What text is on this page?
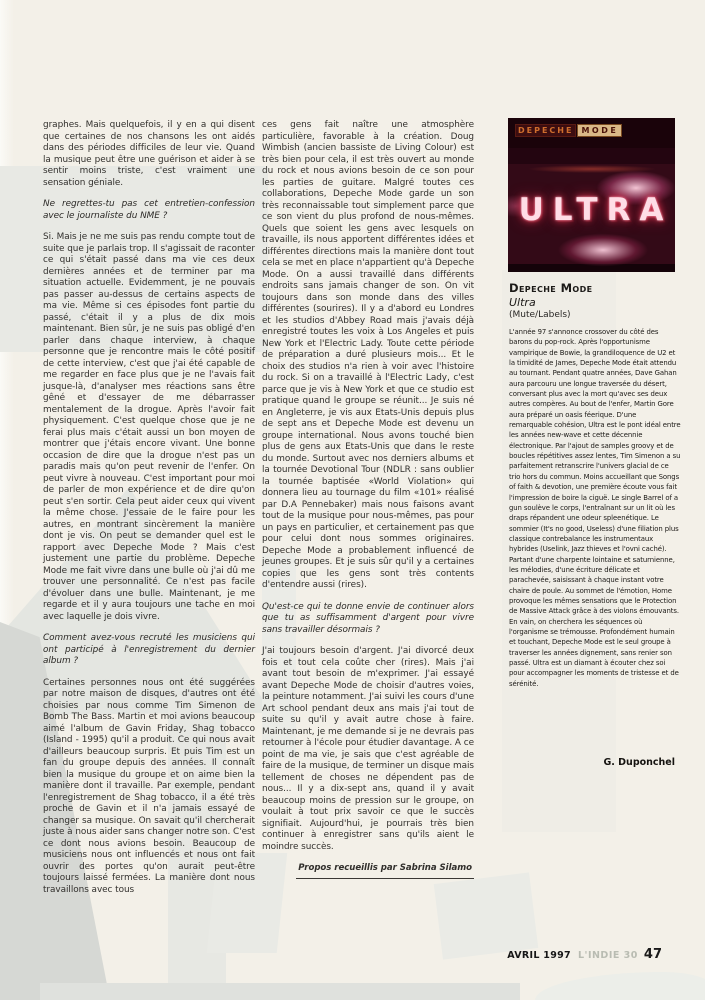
graphes. Mais quelquefois, il y en a qui disent que certaines de nos chansons les ont aidés dans des périodes difficiles de leur vie. Quand la musique peut être une guérison et aider à se sentir moins triste, c'est vraiment une sensation géniale.

Ne regrettes-tu pas cet entretien-confession avec le journaliste du NME ?

Si. Mais je ne me suis pas rendu compte tout de suite que je parlais trop. Il s'agissait de raconter ce qui s'était passé dans ma vie ces deux dernières années et de terminer par ma situation actuelle. Evidemment, je ne pouvais pas passer au-dessus de certains aspects de ma vie. Même si ces épisodes font partie du passé, c'était il y a plus de dix mois maintenant. Bien sûr, je ne suis pas obligé d'en parler dans chaque interview, à chaque personne que je rencontre mais le côté positif de cette interview, c'est que j'ai été capable de me regarder en face plus que je ne l'avais fait jusque-là, d'analyser mes réactions sans être gêné et d'essayer de me débarrasser mentalement de la drogue. Après l'avoir fait physiquement. C'est quelque chose que je ne ferai plus mais c'était aussi un bon moyen de montrer que j'étais encore vivant. Une bonne occasion de dire que la drogue n'est pas un paradis mais qu'on peut revenir de l'enfer. On peut vivre à nouveau. C'est important pour moi de parler de mon expérience et de dire qu'on peut s'en sortir. Cela peut aider ceux qui vivent la même chose. J'essaie de le faire pour les autres, en montrant sincèrement la manière dont je vis. On peut se demander quel est le rapport avec Depeche Mode ? Mais c'est justement une partie du problème. Depeche Mode me fait vivre dans une bulle où j'ai dû me trouver une personnalité. Ce n'est pas facile d'évoluer dans une bulle. Maintenant, je me regarde et il y aura toujours une tache en moi avec laquelle je dois vivre.

Comment avez-vous recruté les musiciens qui ont participé à l'enregistrement du dernier album ?

Certaines personnes nous ont été suggérées par notre maison de disques, d'autres ont été choisies par nous comme Tim Simenon de Bomb The Bass. Martin et moi avions beaucoup aimé l'album de Gavin Friday, Shag tobacco (Island - 1995) qu'il a produit. Ce qui nous avait d'ailleurs beaucoup surpris. Et puis Tim est un fan du groupe depuis des années. Il connaît bien la musique du groupe et on aime bien la manière dont il travaille. Par exemple, pendant l'enregistrement de Shag tobacco, il a été très proche de Gavin et il n'a jamais essayé de changer sa musique. On savait qu'il chercherait juste à nous aider sans changer notre son. C'est ce dont nous avions besoin. Beaucoup de musiciens nous ont influencés et nous ont fait ouvrir des portes qu'on aurait peut-être toujours laissé fermées. La manière dont nous travaillons avec tous

ces gens fait naître une atmosphère particulière, favorable à la création. Doug Wimbish (ancien bassiste de Living Colour) est très bien pour cela, il est très ouvert au monde du rock et nous avions besoin de ce son pour les parties de guitare. Malgré toutes ces collaborations, Depeche Mode garde un son très reconnaissable tout simplement parce que ce son vient du plus profond de nous-mêmes. Quels que soient les gens avec lesquels on travaille, ils nous apportent différentes idées et différentes directions mais la manière dont tout cela se met en place n'appartient qu'à Depeche Mode. On a aussi travaillé dans différents endroits sans jamais changer de son. On vit toujours dans son monde dans des villes différentes (sourires). Il y a d'abord eu Londres et les studios d'Abbey Road mais j'avais déjà enregistré toutes les voix à Los Angeles et puis New York et l'Electric Lady. Toute cette période de préparation a duré plusieurs mois... Et le choix des studios n'a rien à voir avec l'histoire du rock. Si on a travaillé à l'Electric Lady, c'est parce que je vis à New York et que ce studio est pratique quand le groupe se réunit... Je suis né en Angleterre, je vis aux Etats-Unis depuis plus de sept ans et Depeche Mode est devenu un groupe international. Nous avons touché bien plus de gens aux Etats-Unis que dans le reste du monde. Surtout avec nos derniers albums et la tournée Devotional Tour (NDLR : sans oublier la tournée baptisée «World Violation» qui donnera lieu au tournage du film «101» réalisé par D.A Pennebaker) mais nous faisons avant tout de la musique pour nous-mêmes, pas pour un pays en particulier, et certainement pas que pour celui dont nous sommes originaires. Depeche Mode a probablement influencé de jeunes groupes. Et je suis sûr qu'il y a certaines copies que les gens sont très contents d'entendre aussi (rires).

Qu'est-ce qui te donne envie de continuer alors que tu as suffisamment d'argent pour vivre sans travailler désormais ?

J'ai toujours besoin d'argent. J'ai divorcé deux fois et tout cela coûte cher (rires). Mais j'ai avant tout besoin de m'exprimer. J'ai essayé avant Depeche Mode de choisir d'autres voies, la peinture notamment. J'ai suivi les cours d'une Art school pendant deux ans mais j'ai tout de suite su qu'il y avait autre chose à faire. Maintenant, je me demande si je ne devrais pas retourner à l'école pour étudier davantage. A ce point de ma vie, je sais que c'est agréable de faire de la musique, de terminer un disque mais tellement de choses ne dépendent pas de nous... Il y a dix-sept ans, quand il y avait beaucoup moins de pression sur le groupe, on voulait à tout prix savoir ce que le succès signifiait. Aujourd'hui, je pourrais très bien continuer à enregistrer sans qu'ils aient le moindre succès.

Propos recueillis par Sabrina Silamo
DEPECHE MODE
ULTRA
Depeche Mode
Ultra
(Mute/Labels)
L'année 97 s'annonce crossover du côté des barons du pop-rock. Après l'opportunisme vampirique de Bowie, la grandiloquence de U2 et la timidité de James, Depeche Mode était attendu au tournant. Pendant quatre années, Dave Gahan aura parcouru une longue traversée du désert, conversant plus avec la mort qu'avec ses deux autres compères. Au bout de l'enfer, Martin Gore aura préparé un oasis féerique. D'une remarquable cohésion, Ultra est le pont idéal entre les années new-wave et cette décennie électronique. Par l'ajout de samples groovy et de boucles répétitives assez lentes, Tim Simenon a su parfaitement retranscrire l'univers glacial de ce trio hors du commun. Moins accueillant que Songs of faith & devotion, une première écoute vous fait l'impression de boire la ciguë. Le single Barrel of a gun soulève le corps, l'entraînant sur un lit où les draps répandent une odeur spleenétique. Le sommier (It's no good, Useless) d'une filiation plus classique contrebalance les instrumentaux hybrides (Uselink, Jazz thieves et l'ovni caché). Partant d'une charpente lointaine et saturnienne, les mélodies, d'une écriture délicate et parachevée, saisissant à chaque instant votre chaire de poule. Au sommet de l'émotion, Home provoque les mêmes sensations que le Protection de Massive Attack grâce à des violons émouvants. En vain, on cherchera les séquences où l'organisme se trémousse. Profondément humain et touchant, Depeche Mode est le seul groupe à traverser les années dignement, sans renier son passé. Ultra est un diamant à écouter chez soi pour accompagner les moments de tristesse et de sérénité.
G. Duponchel
AVRIL 1997 L'INDIE 30 47
